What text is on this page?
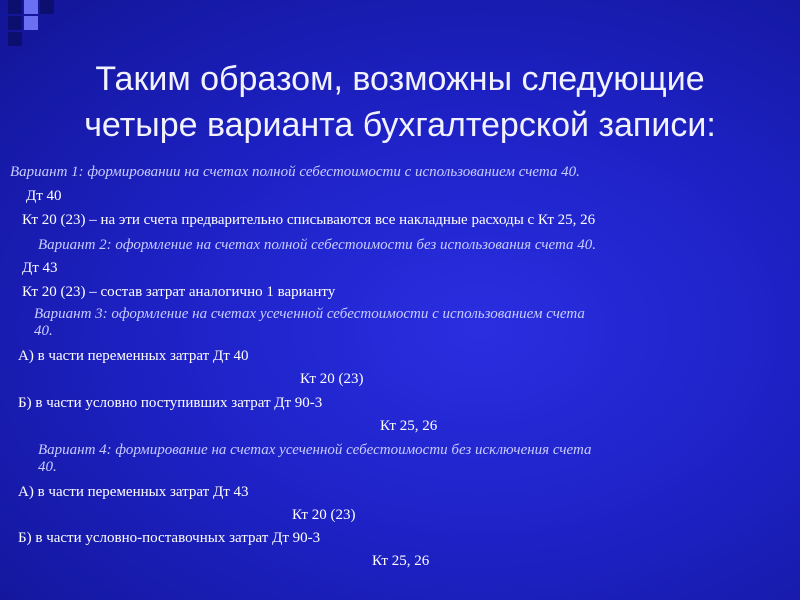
Таким образом, возможны следующие
четыре варианта бухгалтерской записи:
Вариант 1: формировании на счетах полной себестоимости с использованием счета 40.
Дт 40
Кт 20 (23) – на эти счета предварительно списываются все накладные расходы с Кт 25, 26
Вариант 2: оформление на счетах полной себестоимости без использования счета 40.
Дт 43
Кт 20 (23) – состав затрат аналогично 1 варианту
Вариант 3: оформление на счетах усеченной себестоимости с использованием счета
40.
А) в части переменных затрат Дт 40
Кт 20 (23)
Б) в части условно поступивших затрат Дт 90-3
Кт 25, 26
Вариант 4: формирование на счетах усеченной себестоимости без исключения счета
40.
А) в части переменных затрат Дт 43
Кт 20 (23)
Б) в части условно-поставочных затрат Дт 90-3
Кт 25, 26
